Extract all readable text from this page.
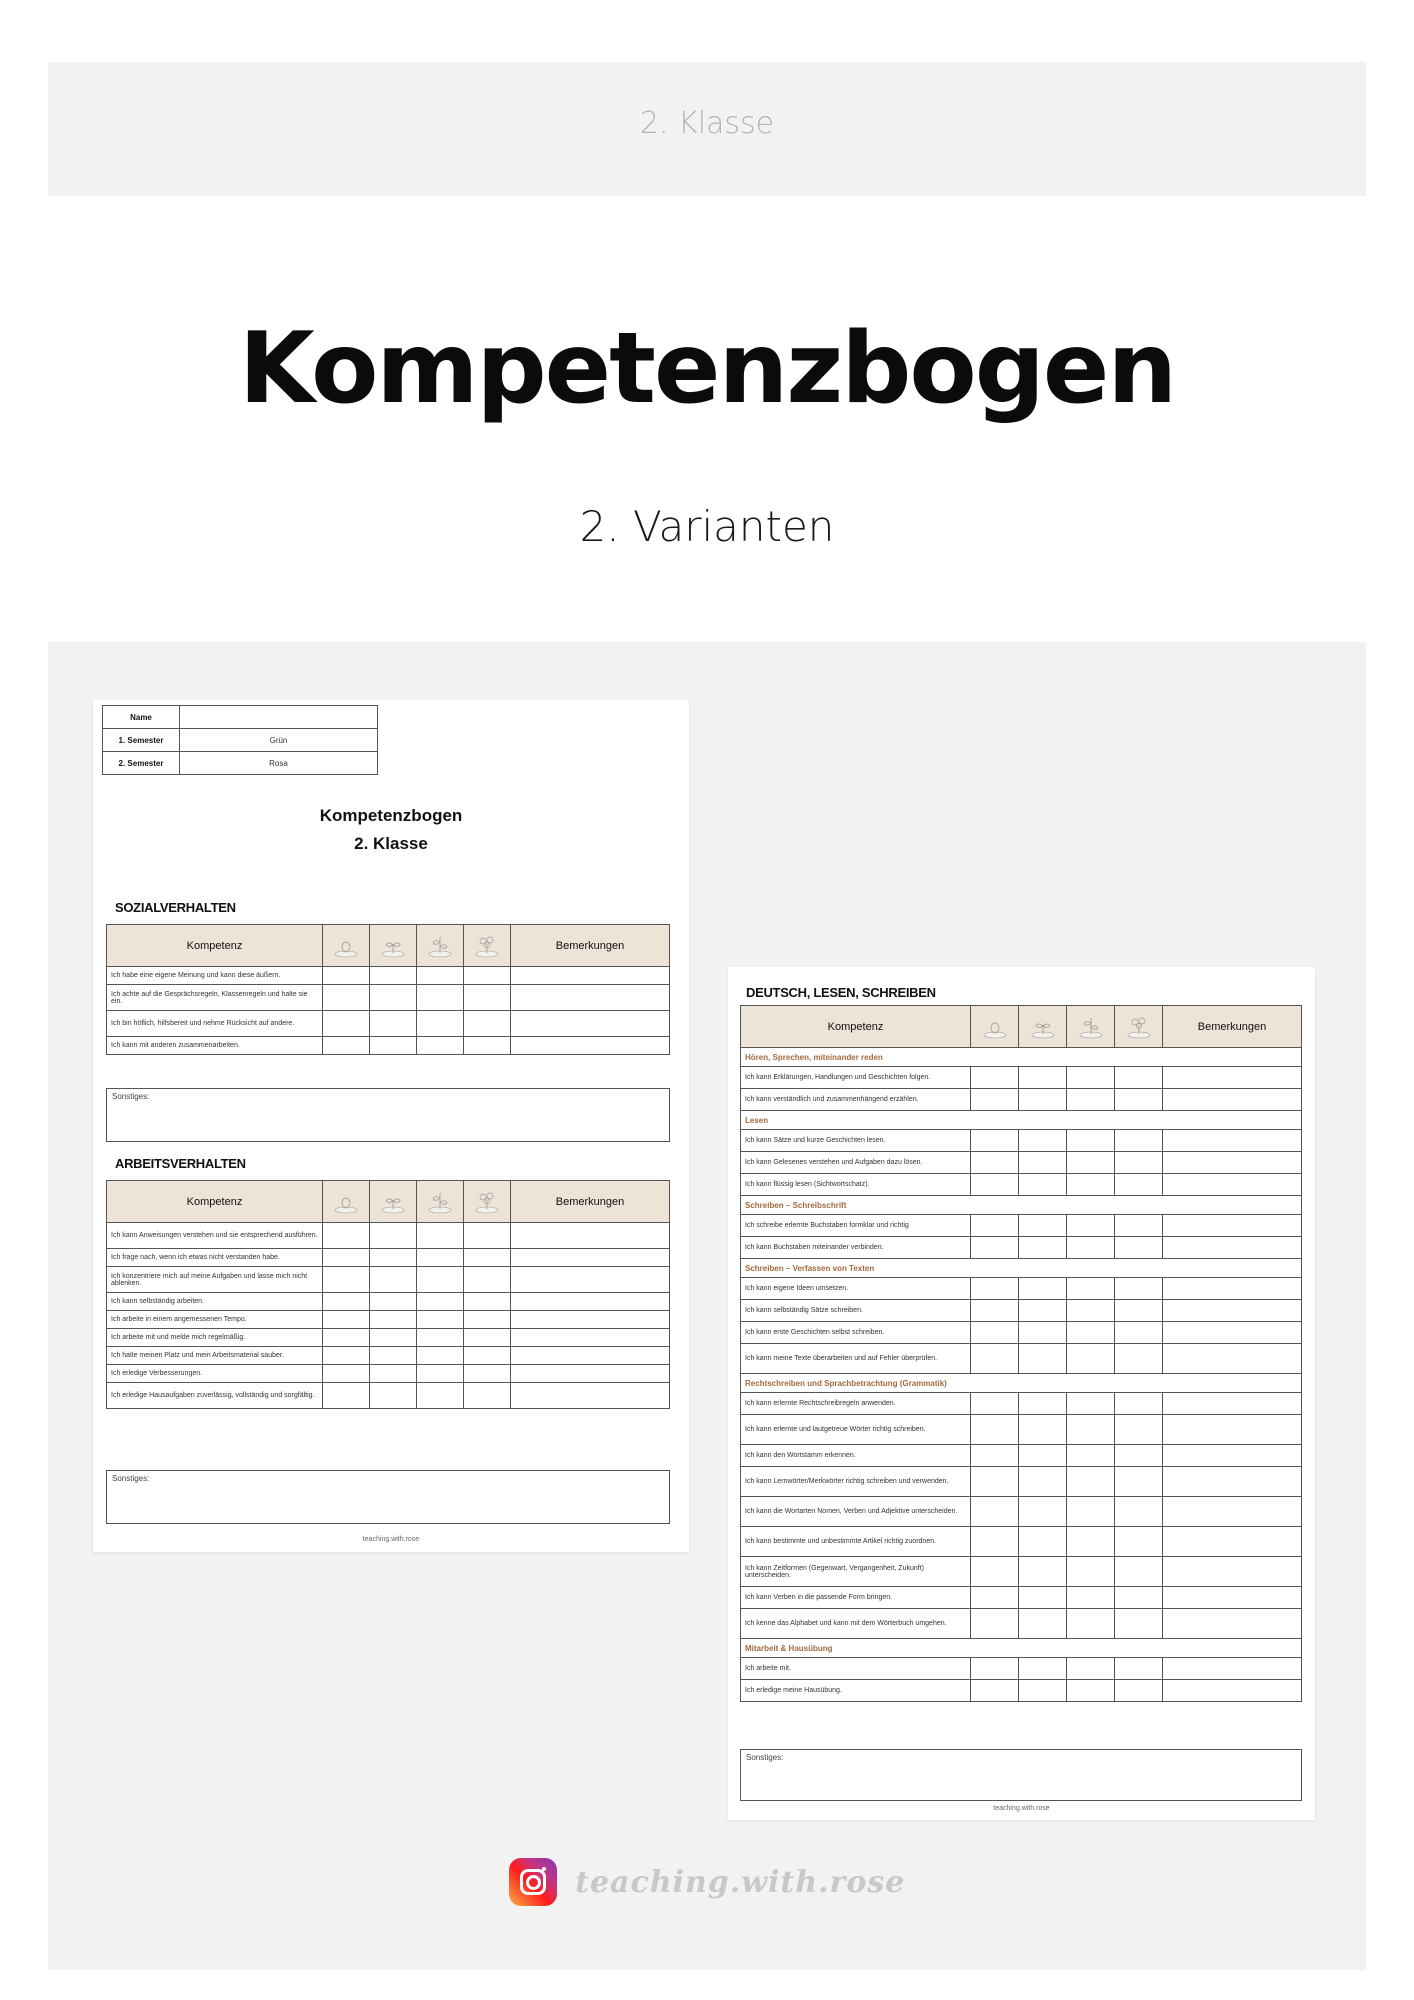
2. Klasse
Kompetenzbogen
2. Varianten
Name	
1. Semester	Grün
2. Semester	Rosa
Kompetenzbogen
2. Klasse
SOZIALVERHALTEN
Kompetenz					Bemerkungen
Ich habe eine eigene Meinung und kann diese äußern.					
Ich achte auf die Gesprächsregeln, Klassenregeln und halte sie ein.					
Ich bin höflich, hilfsbereit und nehme Rücksicht auf andere.					
Ich kann mit anderen zusammenarbeiten.					
Sonstiges:
ARBEITSVERHALTEN
Kompetenz					Bemerkungen
Ich kann Anweisungen verstehen und sie entsprechend ausführen.					
Ich frage nach, wenn ich etwas nicht verstanden habe.					
Ich konzentriere mich auf meine Aufgaben und lasse mich nicht ablenken.					
Ich kann selbständig arbeiten.					
Ich arbeite in einem angemessenen Tempo.					
Ich arbeite mit und melde mich regelmäßig.					
Ich halte meinen Platz und mein Arbeitsmaterial sauber.					
Ich erledige Verbesserungen.					
Ich erledige Hausaufgaben zuverlässig, vollständig und sorgfältig.					
Sonstiges:
teaching.with.rose
DEUTSCH, LESEN, SCHREIBEN
Kompetenz					Bemerkungen
Hören, Sprechen, miteinander reden					
Ich kann Erklärungen, Handlungen und Geschichten folgen.					
Ich kann verständlich und zusammenhängend erzählen.					
Lesen					
Ich kann Sätze und kurze Geschichten lesen.					
Ich kann Gelesenes verstehen und Aufgaben dazu lösen.					
Ich kann flüssig lesen (Sichtwortschatz).					
Schreiben – Schreibschrift					
Ich schreibe erlernte Buchstaben formklar und richtig					
Ich kann Buchstaben miteinander verbinden.					
Schreiben – Verfassen von Texten					
Ich kann eigene Ideen umsetzen.					
Ich kann selbständig Sätze schreiben.					
Ich kann erste Geschichten selbst schreiben.					
Ich kann meine Texte überarbeiten und auf Fehler überprüfen.					
Rechtschreiben und Sprachbetrachtung (Grammatik)					
Ich kann erlernte Rechtschreibregeln anwenden.					
Ich kann erlernte und lautgetreue Wörter richtig schreiben.					
Ich kann den Wortstamm erkennen.					
Ich kann Lernwörter/Merkwörter richtig schreiben und verwenden.					
Ich kann die Wortarten Nomen, Verben und Adjektive unterscheiden.					
Ich kann bestimmte und unbestimmte Artikel richtig zuordnen.					
Ich kann Zeitformen (Gegenwart, Vergangenheit, Zukunft) unterscheiden.					
Ich kann Verben in die passende Form bringen.					
Ich kenne das Alphabet und kann mit dem Wörterbuch umgehen.					
Mitarbeit & Hausübung					
Ich arbeite mit.					
Ich erledige meine Hausübung.					
Sonstiges:
teaching.with.rose
teaching.with.rose
